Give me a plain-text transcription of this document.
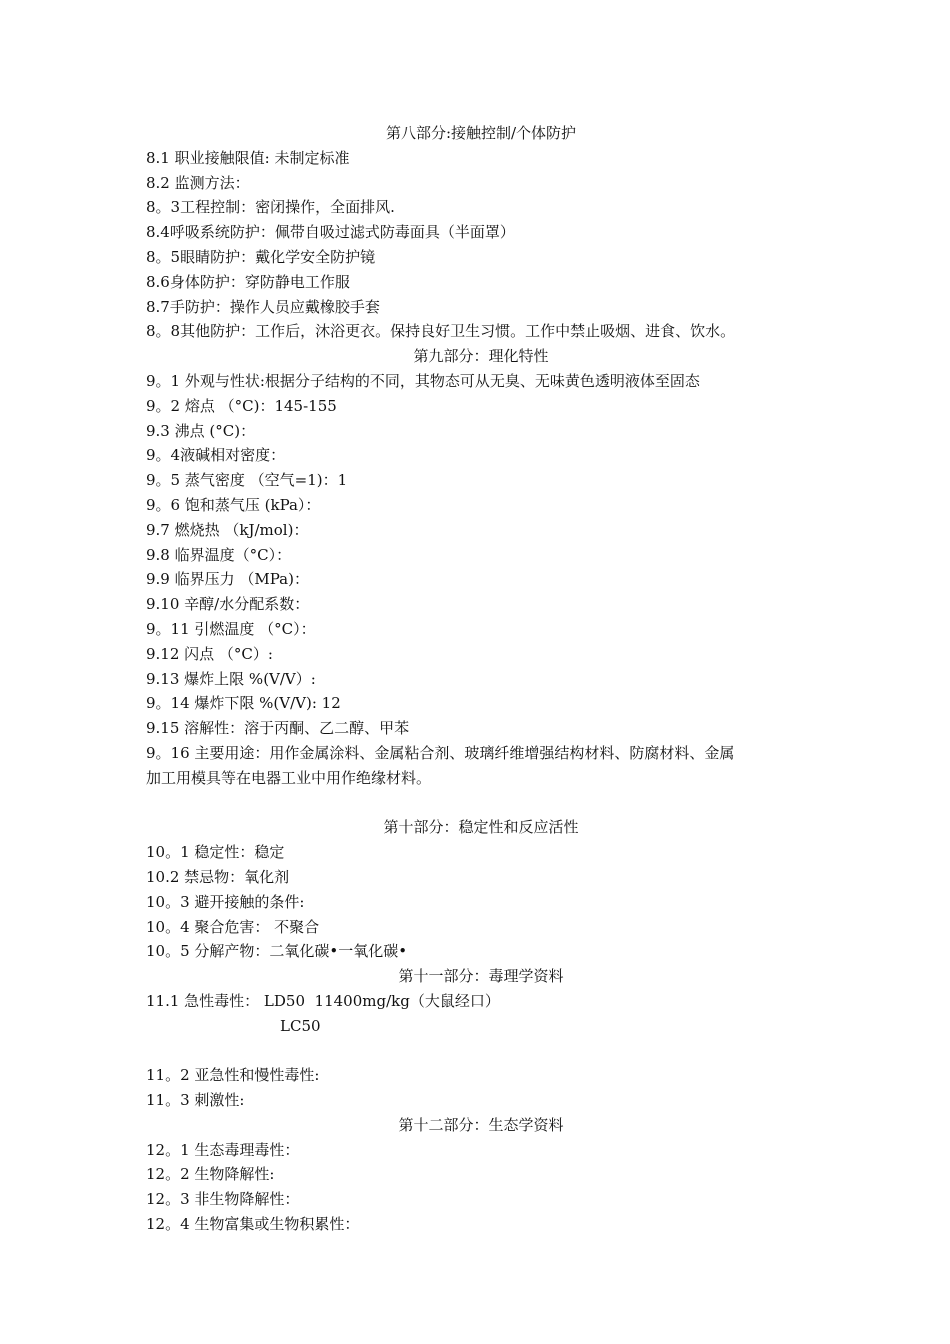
第八部分:接触控制/个体防护
8.1 职业接触限值: 未制定标准
8.2 监测方法：
8。3工程控制：密闭操作，全面排风.
8.4呼吸系统防护：佩带自吸过滤式防毒面具（半面罩）
8。5眼睛防护：戴化学安全防护镜
8.6身体防护：穿防静电工作服
8.7手防护：操作人员应戴橡胶手套
8。8其他防护：工作后，沐浴更衣。保持良好卫生习惯。工作中禁止吸烟、进食、饮水。
第九部分：理化特性
9。1 外观与性状:根据分子结构的不同，其物态可从无臭、无味黄色透明液体至固态
9。2 熔点 （°C)：145-155
9.3 沸点 (°C)：
9。4液碱相对密度：
9。5 蒸气密度 （空气=1)：1
9。6 饱和蒸气压 (kPa）：
9.7 燃烧热 （kJ/mol)：
9.8 临界温度（°C）：
9.9 临界压力 （MPa)：
9.10 辛醇/水分配系数：
9。11 引燃温度 （°C）：
9.12 闪点 （°C）:
9.13 爆炸上限 %(V/V）:
9。14 爆炸下限 %(V/V): 12
9.15 溶解性：溶于丙酮、乙二醇、甲苯
9。16 主要用途：用作金属涂料、金属粘合剂、玻璃纤维增强结构材料、防腐材料、金属
加工用模具等在电器工业中用作绝缘材料。
第十部分：稳定性和反应活性
10。1 稳定性：稳定
10.2 禁忌物：氧化剂
10。3 避开接触的条件:
10。4 聚合危害： 不聚合
10。5 分解产物：二氧化碳•一氧化碳•
第十一部分：毒理学资料
11.1 急性毒性： LD50  11400mg/kg（大鼠经口）
LC50
11。2 亚急性和慢性毒性:
11。3 刺激性:
第十二部分：生态学资料
12。1 生态毒理毒性：
12。2 生物降解性:
12。3 非生物降解性：
12。4 生物富集或生物积累性：
